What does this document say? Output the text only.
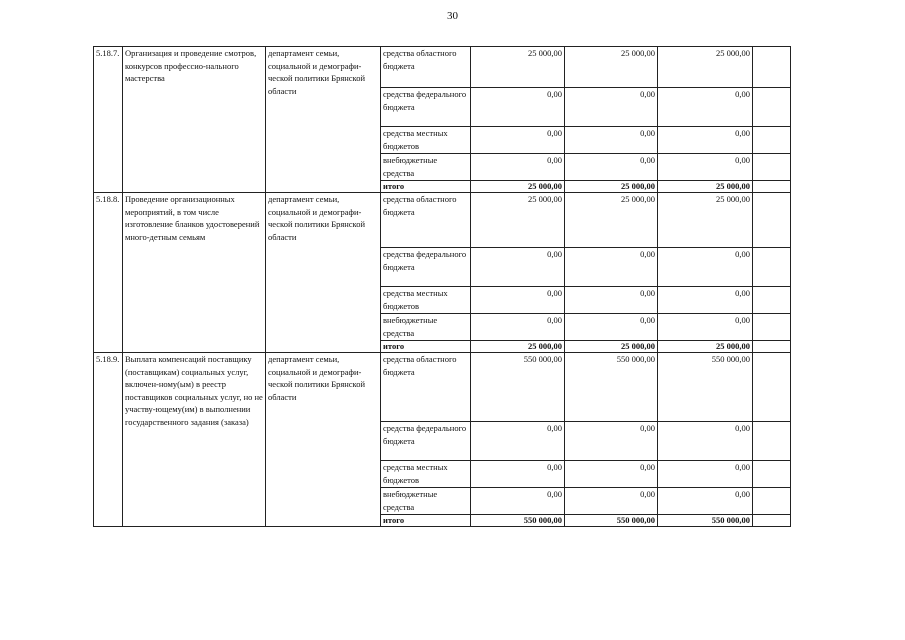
30
5.18.7.	Организация и проведение смотров, конкурсов профессио-нального мастерства	департамент семьи, социальной и демографи-ческой политики Брянской области	средства областного бюджета	25 000,00	25 000,00	25 000,00	
			средства федерального бюджета	0,00	0,00	0,00	
			средства местных бюджетов	0,00	0,00	0,00	
			внебюджетные средства	0,00	0,00	0,00	
			итого	25 000,00	25 000,00	25 000,00	
5.18.8.	Проведение организационных мероприятий, в том числе изготовление бланков удостоверений много-детным семьям	департамент семьи, социальной и демографи-ческой политики Брянской области	средства областного бюджета	25 000,00	25 000,00	25 000,00	
			средства федерального бюджета	0,00	0,00	0,00	
			средства местных бюджетов	0,00	0,00	0,00	
			внебюджетные средства	0,00	0,00	0,00	
			итого	25 000,00	25 000,00	25 000,00	
5.18.9.	Выплата компенсаций поставщику (поставщикам) социальных услуг, включен-ному(ым) в реестр поставщиков социальных услуг, но не участву-ющему(им) в выполнении государственного задания (заказа)	департамент семьи, социальной и демографи-ческой политики Брянской области	средства областного бюджета	550 000,00	550 000,00	550 000,00	
			средства федерального бюджета	0,00	0,00	0,00	
			средства местных бюджетов	0,00	0,00	0,00	
			внебюджетные средства	0,00	0,00	0,00	
			итого	550 000,00	550 000,00	550 000,00	
